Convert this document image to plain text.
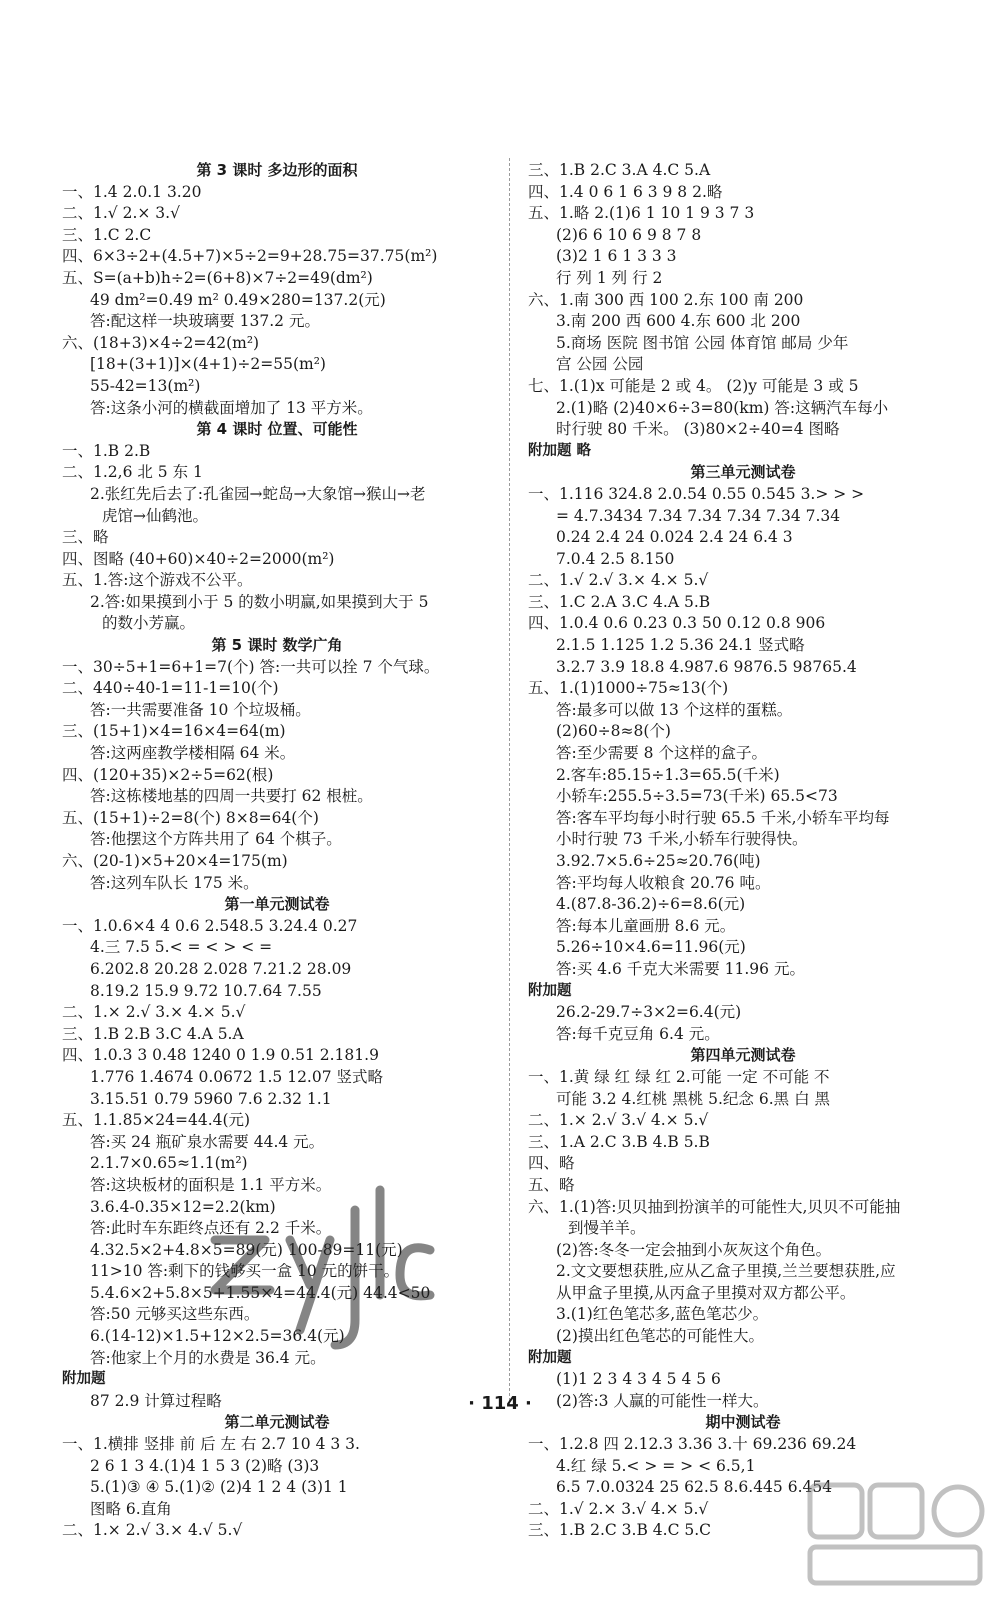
第 3 课时 多边形的面积
一、1.4 2.0.1 3.20
二、1.√ 2.× 3.√
三、1.C 2.C
四、6×3÷2+(4.5+7)×5÷2=9+28.75=37.75(m²)
五、S=(a+b)h÷2=(6+8)×7÷2=49(dm²)
49 dm²=0.49 m² 0.49×280=137.2(元)
答:配这样一块玻璃要 137.2 元。
六、(18+3)×4÷2=42(m²)
[18+(3+1)]×(4+1)÷2=55(m²)
55-42=13(m²)
答:这条小河的横截面增加了 13 平方米。
第 4 课时 位置、可能性
一、1.B 2.B
二、1.2,6 北 5 东 1
2.张红先后去了:孔雀园→蛇岛→大象馆→猴山→老
虎馆→仙鹤池。
三、略
四、图略 (40+60)×40÷2=2000(m²)
五、1.答:这个游戏不公平。
2.答:如果摸到小于 5 的数小明赢,如果摸到大于 5
的数小芳赢。
第 5 课时 数学广角
一、30÷5+1=6+1=7(个) 答:一共可以拴 7 个气球。
二、440÷40-1=11-1=10(个)
答:一共需要准备 10 个垃圾桶。
三、(15+1)×4=16×4=64(m)
答:这两座教学楼相隔 64 米。
四、(120+35)×2÷5=62(根)
答:这栋楼地基的四周一共要打 62 根桩。
五、(15+1)÷2=8(个) 8×8=64(个)
答:他摆这个方阵共用了 64 个棋子。
六、(20-1)×5+20×4=175(m)
答:这列车队长 175 米。
第一单元测试卷
一、1.0.6×4 4 0.6 2.548.5 3.24.4 0.27
4.三 7.5 5.< = < > < =
6.202.8 20.28 2.028 7.21.2 28.09
8.19.2 15.9 9.72 10.7.64 7.55
二、1.× 2.√ 3.× 4.× 5.√
三、1.B 2.B 3.C 4.A 5.A
四、1.0.3 3 0.48 1240 0 1.9 0.51 2.181.9
1.776 1.4674 0.0672 1.5 12.07 竖式略
3.15.51 0.79 5960 7.6 2.32 1.1
五、1.1.85×24=44.4(元)
答:买 24 瓶矿泉水需要 44.4 元。
2.1.7×0.65≈1.1(m²)
答:这块板材的面积是 1.1 平方米。
3.6.4-0.35×12=2.2(km)
答:此时车东距终点还有 2.2 千米。
4.32.5×2+4.8×5=89(元) 100-89=11(元)
11>10 答:剩下的钱够买一盒 10 元的饼干。
5.4.6×2+5.8×5+1.55×4=44.4(元) 44.4<50
答:50 元够买这些东西。
6.(14-12)×1.5+12×2.5=36.4(元)
答:他家上个月的水费是 36.4 元。
附加题
87 2.9 计算过程略
第二单元测试卷
一、1.横排 竖排 前 后 左 右 2.7 10 4 3 3.
2 6 1 3 4.(1)4 1 5 3 (2)略 (3)3
5.(1)③ ④ 5.(1)② (2)4 1 2 4 (3)1 1
图略 6.直角
二、1.× 2.√ 3.× 4.√ 5.√
三、1.B 2.C 3.A 4.C 5.A
四、1.4 0 6 1 6 3 9 8 2.略
五、1.略 2.(1)6 1 10 1 9 3 7 3
(2)6 6 10 6 9 8 7 8
(3)2 1 6 1 3 3 3
行 列 1 列 行 2
六、1.南 300 西 100 2.东 100 南 200
3.南 200 西 600 4.东 600 北 200
5.商场 医院 图书馆 公园 体育馆 邮局 少年
宫 公园 公园
七、1.(1)x 可能是 2 或 4。 (2)y 可能是 3 或 5
2.(1)略 (2)40×6÷3=80(km) 答:这辆汽车每小
时行驶 80 千米。 (3)80×2÷40=4 图略
附加题 略
第三单元测试卷
一、1.116 324.8 2.0.54 0.55 0.545 3.> > >
= 4.7.3434 7.34 7.34 7.34 7.34 7.34
0.24 2.4 24 0.024 2.4 24 6.4 3
7.0.4 2.5 8.150
二、1.√ 2.√ 3.× 4.× 5.√
三、1.C 2.A 3.C 4.A 5.B
四、1.0.4 0.6 0.23 0.3 50 0.12 0.8 906
2.1.5 1.125 1.2 5.36 24.1 竖式略
3.2.7 3.9 18.8 4.987.6 9876.5 98765.4
五、1.(1)1000÷75≈13(个)
答:最多可以做 13 个这样的蛋糕。
(2)60÷8≈8(个)
答:至少需要 8 个这样的盒子。
2.客车:85.15÷1.3=65.5(千米)
小轿车:255.5÷3.5=73(千米) 65.5<73
答:客车平均每小时行驶 65.5 千米,小轿车平均每
小时行驶 73 千米,小轿车行驶得快。
3.92.7×5.6÷25≈20.76(吨)
答:平均每人收粮食 20.76 吨。
4.(87.8-36.2)÷6=8.6(元)
答:每本儿童画册 8.6 元。
5.26÷10×4.6=11.96(元)
答:买 4.6 千克大米需要 11.96 元。
附加题
26.2-29.7÷3×2=6.4(元)
答:每千克豆角 6.4 元。
第四单元测试卷
一、1.黄 绿 红 绿 红 2.可能 一定 不可能 不
可能 3.2 4.红桃 黑桃 5.纪念 6.黑 白 黑
二、1.× 2.√ 3.√ 4.× 5.√
三、1.A 2.C 3.B 4.B 5.B
四、略
五、略
六、1.(1)答:贝贝抽到扮演羊的可能性大,贝贝不可能抽
到慢羊羊。
(2)答:冬冬一定会抽到小灰灰这个角色。
2.文文要想获胜,应从乙盒子里摸,兰兰要想获胜,应
从甲盒子里摸,从丙盒子里摸对双方都公平。
3.(1)红色笔芯多,蓝色笔芯少。
(2)摸出红色笔芯的可能性大。
附加题
(1)1 2 3 4 3 4 5 4 5 6
(2)答:3 人赢的可能性一样大。
期中测试卷
一、1.2.8 四 2.12.3 3.36 3.十 69.236 69.24
4.红 绿 5.< > = > < 6.5,1
6.5 7.0.0324 25 62.5 8.6.445 6.454
二、1.√ 2.× 3.√ 4.× 5.√
三、1.B 2.C 3.B 4.C 5.C
· 114 ·
